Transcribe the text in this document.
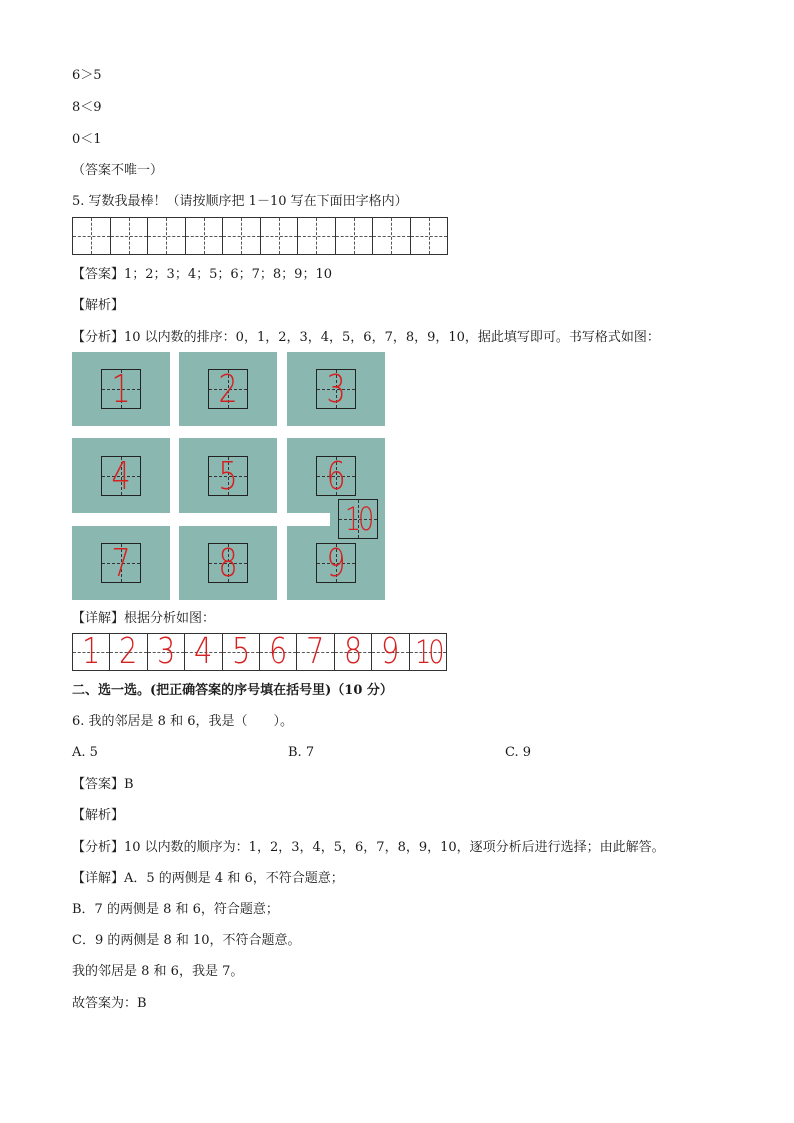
6＞5
8＜9
0＜1
（答案不唯一）
5. 写数我最棒！（请按顺序把 1－10 写在下面田字格内）
【答案】1；2；3；4；5；6；7；8；9；10
【解析】
【分析】10 以内数的排序：0，1，2，3，4，5，6，7，8，9，10，据此填写即可。书写格式如图：
1 2 3
4 5 6
10
7 8 9
【详解】根据分析如图：
1 2 3 4 5 6 7 8 9 10
二、选一选。(把正确答案的序号填在括号里)（10 分）
6. 我的邻居是 8 和 6，我是（　　）。
A. 5	B. 7	C. 9
【答案】B
【解析】
【分析】10 以内数的顺序为：1，2，3，4，5，6，7，8，9，10，逐项分析后进行选择；由此解答。
【详解】A．5 的两侧是 4 和 6，不符合题意；
B．7 的两侧是 8 和 6，符合题意；
C．9 的两侧是 8 和 10，不符合题意。
我的邻居是 8 和 6，我是 7。
故答案为：B
